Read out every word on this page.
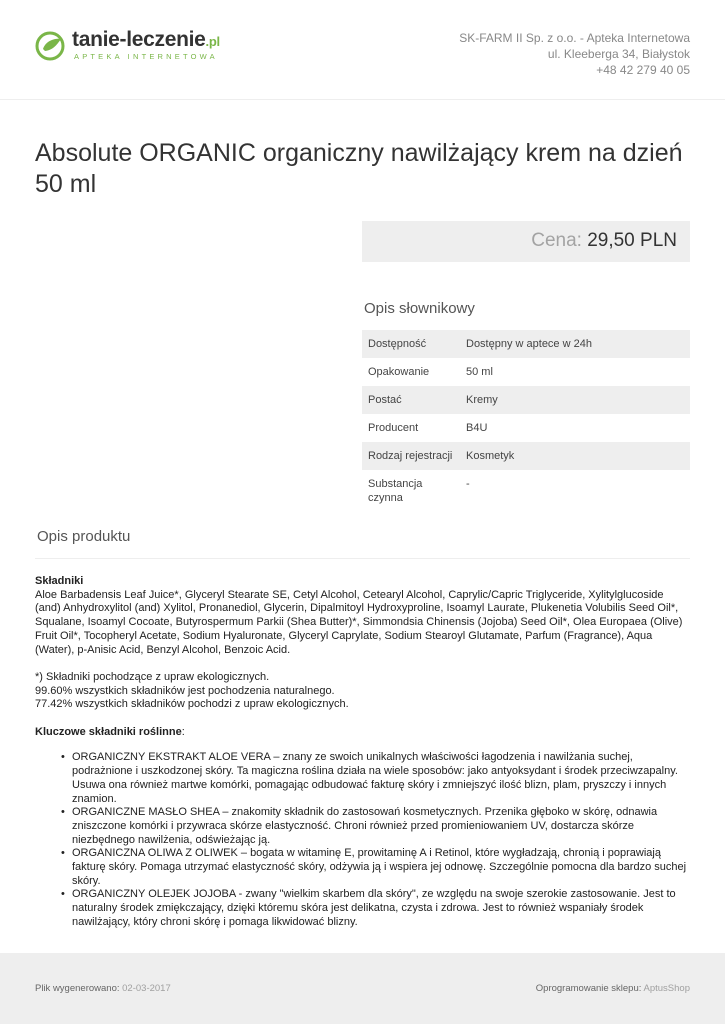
tanie-leczenie.pl
APTEKA INTERNETOWA
SK-FARM II Sp. z o.o. - Apteka Internetowa
ul. Kleeberga 34, Białystok
+48 42 279 40 05
Absolute ORGANIC organiczny nawilżający krem na dzień 50 ml
Cena: 29,50 PLN
Opis słownikowy
Dostępność	Dostępny w aptece w 24h
Opakowanie	50 ml
Postać	Kremy
Producent	B4U
Rodzaj rejestracji	Kosmetyk
Substancja czynna	-
Opis produktu

Składniki

Aloe Barbadensis Leaf Juice*, Glyceryl Stearate SE, Cetyl Alcohol, Cetearyl Alcohol, Caprylic/Capric Triglyceride, Xylitylglucoside (and) Anhydroxylitol (and) Xylitol, Pronanediol, Glycerin, Dipalmitoyl Hydroxyproline, Isoamyl Laurate, Plukenetia Volubilis Seed Oil*, Squalane, Isoamyl Cocoate, Butyrospermum Parkii (Shea Butter)*, Simmondsia Chinensis (Jojoba) Seed Oil*, Olea Europaea (Olive) Fruit Oil*, Tocopheryl Acetate, Sodium Hyaluronate, Glyceryl Caprylate, Sodium Stearoyl Glutamate, Parfum (Fragrance), Aqua (Water), p-Anisic Acid, Benzyl Alcohol, Benzoic Acid.

*) Składniki pochodzące z upraw ekologicznych.

99.60% wszystkich składników jest pochodzenia naturalnego.

77.42% wszystkich składników pochodzi z upraw ekologicznych.

Kluczowe składniki roślinne:

• ORGANICZNY EKSTRAKT ALOE VERA – znany ze swoich unikalnych właściwości łagodzenia i nawilżania suchej, podrażnione i uszkodzonej skóry. Ta magiczna roślina działa na wiele sposobów: jako antyoksydant i środek przeciwzapalny. Usuwa ona również martwe komórki, pomagając odbudować fakturę skóry i zmniejszyć ilość blizn, plam, pryszczy i innych znamion.
• ORGANICZNE MASŁO SHEA – znakomity składnik do zastosowań kosmetycznych. Przenika głęboko w skórę, odnawia zniszczone komórki i przywraca skórze elastyczność. Chroni również przed promieniowaniem UV, dostarcza skórze niezbędnego nawilżenia, odświeżając ją.
• ORGANICZNA OLIWA Z OLIWEK – bogata w witaminę E, prowitaminę A i Retinol, które wygładzają, chronią i poprawiają fakturę skóry. Pomaga utrzymać elastyczność skóry, odżywia ją i wspiera jej odnowę. Szczególnie pomocna dla bardzo suchej skóry.
• ORGANICZNY OLEJEK JOJOBA - zwany "wielkim skarbem dla skóry", ze względu na swoje szerokie zastosowanie. Jest to naturalny środek zmiękczający, dzięki któremu skóra jest delikatna, czysta i zdrowa. Jest to również wspaniały środek nawilżający, który chroni skórę i pomaga likwidować blizny.
Plik wygenerowano: 02-03-2017	Oprogramowanie sklepu: AptusShop
